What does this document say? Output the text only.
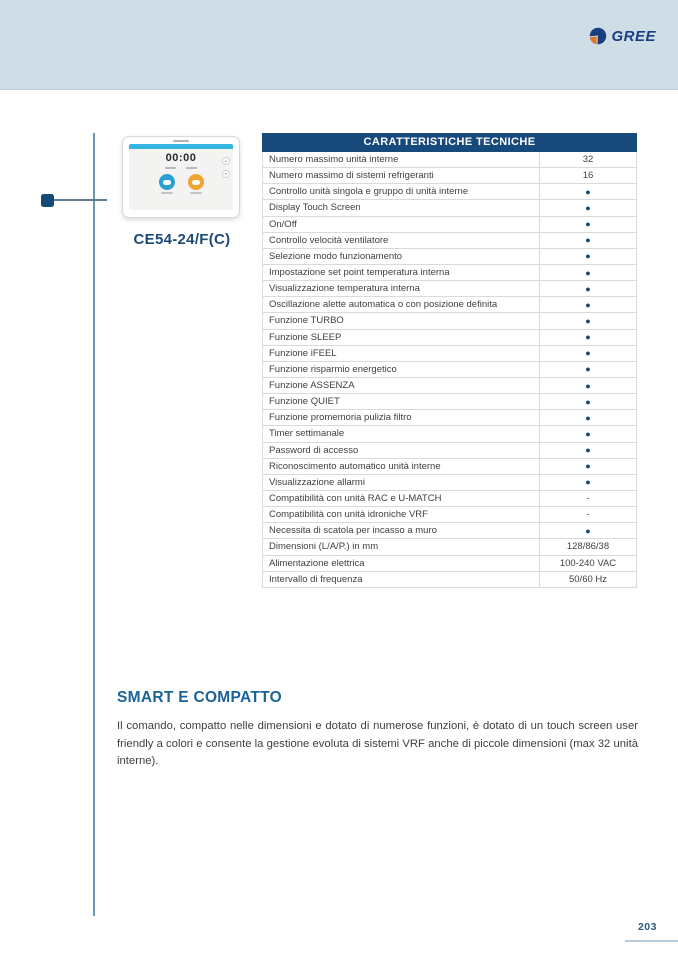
GREE
00:00	▴
▾
CE54-24/F(C)
CARATTERISTICHE TECNICHE
Numero massimo unità interne	32
Numero massimo di sistemi refrigeranti	16
Controllo unità singola e gruppo di unità interne	●
Display Touch Screen	●
On/Off	●
Controllo velocità ventilatore	●
Selezione modo funzionamento	●
Impostazione set point temperatura interna	●
Visualizzazione temperatura interna	●
Oscillazione alette automatica o con posizione definita	●
Funzione TURBO	●
Funzione SLEEP	●
Funzione iFEEL	●
Funzione risparmio energetico	●
Funzione ASSENZA	●
Funzione QUIET	●
Funzione promemoria pulizia filtro	●
Timer settimanale	●
Password di accesso	●
Riconoscimento automatico unità interne	●
Visualizzazione allarmi	●
Compatibilità con unità RAC e U-MATCH	-
Compatibilità con unità idroniche VRF	-
Necessita di scatola per incasso a muro	●
Dimensioni (L/A/P.) in mm	128/86/38
Alimentazione elettrica	100-240 VAC
Intervallo di frequenza	50/60 Hz
SMART E COMPATTO

Il comando, compatto nelle dimensioni e dotato di numerose funzioni, è dotato di un touch screen user friendly a colori e consente la gestione evoluta di sistemi VRF anche di piccole dimensioni (max 32 unità interne).

203
